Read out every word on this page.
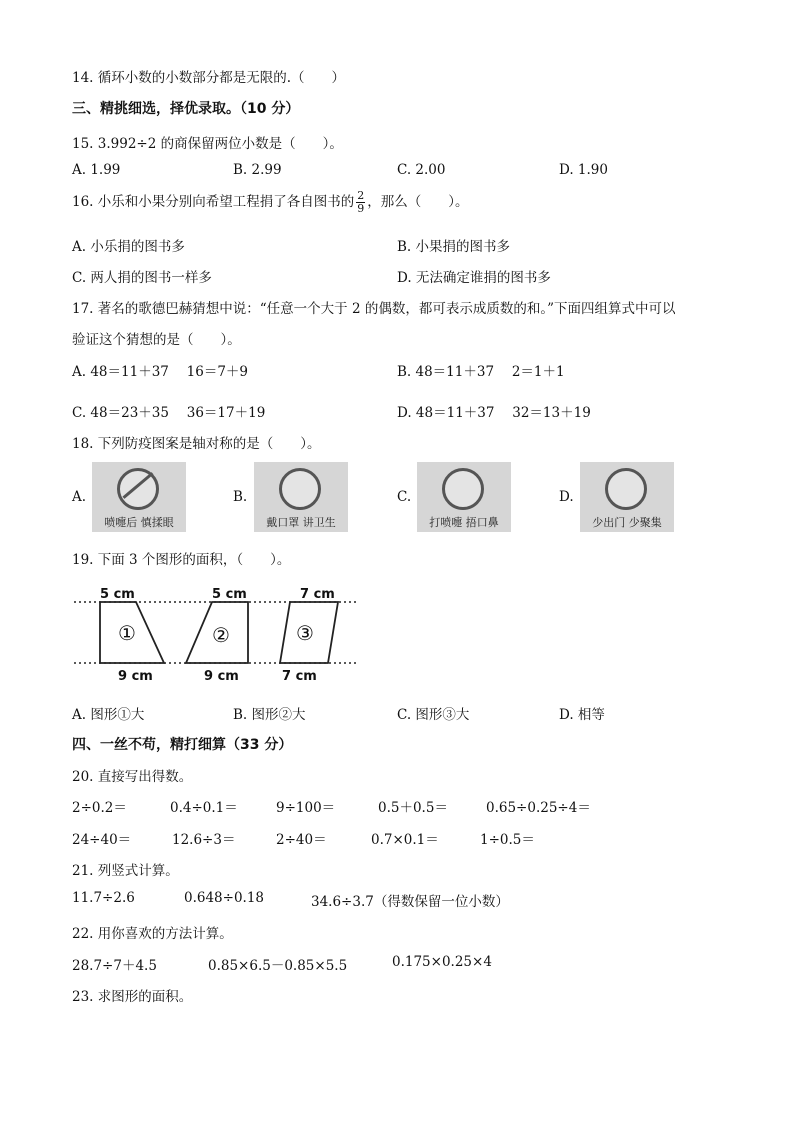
14. 循环小数的小数部分都是无限的.（　　）
三、精挑细选，择优录取。（10 分）
15. 3.992÷2 的商保留两位小数是（　　）。
A. 1.99	B. 2.99	C. 2.00	D. 1.90
16. 小乐和小果分别向希望工程捐了各自图书的 $\frac{2}{9}$ ，那么（　　）。
A. 小乐捐的图书多	B. 小果捐的图书多
C. 两人捐的图书一样多	D. 无法确定谁捐的图书多
17. 著名的歌德巴赫猜想中说：“任意一个大于 2 的偶数，都可表示成质数的和。”下面四组算式中可以
验证这个猜想的是（　　）。
A. 48＝11＋37　 16＝7＋9	B. 48＝11＋37　 2＝1＋1
C. 48＝23＋35　 36＝17＋19	D. 48＝11＋37　 32＝13＋19
18. 下列防疫图案是轴对称的是（　　）。
A.
喷嚏后 慎揉眼
B.
戴口罩 讲卫生
C.
打喷嚏 捂口鼻
D.
少出门 少聚集
19. 下面 3 个图形的面积，（　　）。
5 cm	5 cm	7 cm
①	②	③
9 cm	9 cm	7 cm
A. 图形①大	B. 图形②大	C. 图形③大	D. 相等
四、一丝不苟，精打细算（33 分）
20. 直接写出得数。
2÷0.2＝	0.4÷0.1＝	9÷100＝	0.5＋0.5＝	0.65÷0.25÷4＝
24÷40＝	12.6÷3＝	2÷40＝	0.7×0.1＝	1÷0.5＝
21. 列竖式计算。
11.7÷2.6	0.648÷0.18	34.6÷3.7（得数保留一位小数）
22. 用你喜欢的方法计算。
28.7÷7＋4.5	0.85×6.5－0.85×5.5	0.175×0.25×4
23. 求图形的面积。
